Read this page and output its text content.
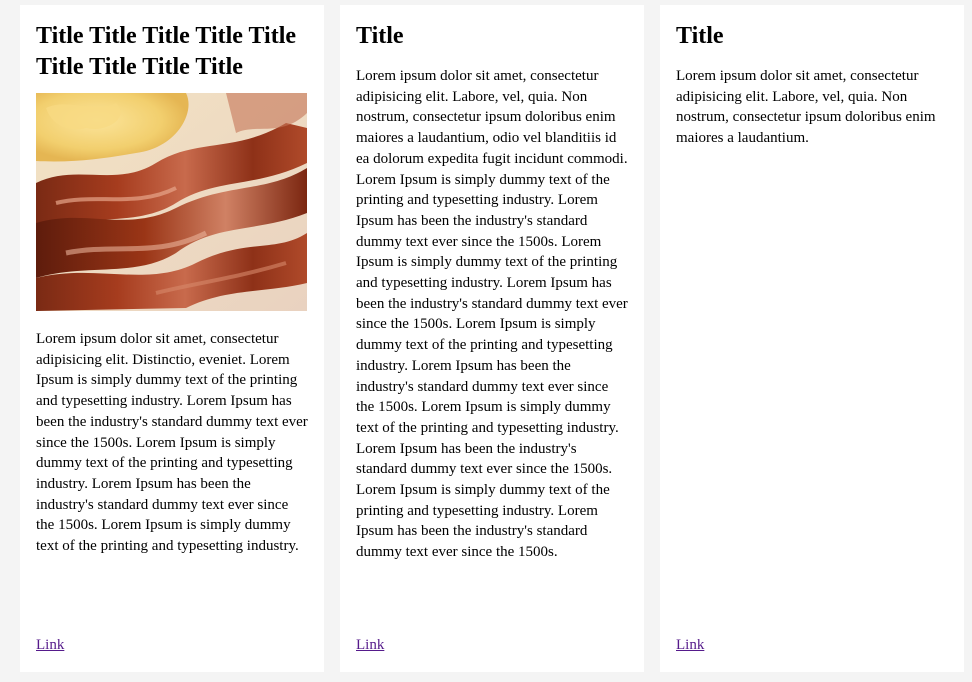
Title Title Title Title Title Title Title Title Title

Lorem ipsum dolor sit amet, consectetur adipisicing elit. Distinctio, eveniet. Lorem Ipsum is simply dummy text of the printing and typesetting industry. Lorem Ipsum has been the industry's standard dummy text ever since the 1500s. Lorem Ipsum is simply dummy text of the printing and typesetting industry. Lorem Ipsum has been the industry's standard dummy text ever since the 1500s. Lorem Ipsum is simply dummy text of the printing and typesetting industry.

Link
Title

Lorem ipsum dolor sit amet, consectetur adipisicing elit. Labore, vel, quia. Non nostrum, consectetur ipsum doloribus enim maiores a laudantium, odio vel blanditiis id ea dolorum expedita fugit incidunt commodi. Lorem Ipsum is simply dummy text of the printing and typesetting industry. Lorem Ipsum has been the industry's standard dummy text ever since the 1500s. Lorem Ipsum is simply dummy text of the printing and typesetting industry. Lorem Ipsum has been the industry's standard dummy text ever since the 1500s. Lorem Ipsum is simply dummy text of the printing and typesetting industry. Lorem Ipsum has been the industry's standard dummy text ever since the 1500s. Lorem Ipsum is simply dummy text of the printing and typesetting industry. Lorem Ipsum has been the industry's standard dummy text ever since the 1500s. Lorem Ipsum is simply dummy text of the printing and typesetting industry. Lorem Ipsum has been the industry's standard dummy text ever since the 1500s.

Link
Title

Lorem ipsum dolor sit amet, consectetur adipisicing elit. Labore, vel, quia. Non nostrum, consectetur ipsum doloribus enim maiores a laudantium.

Link
